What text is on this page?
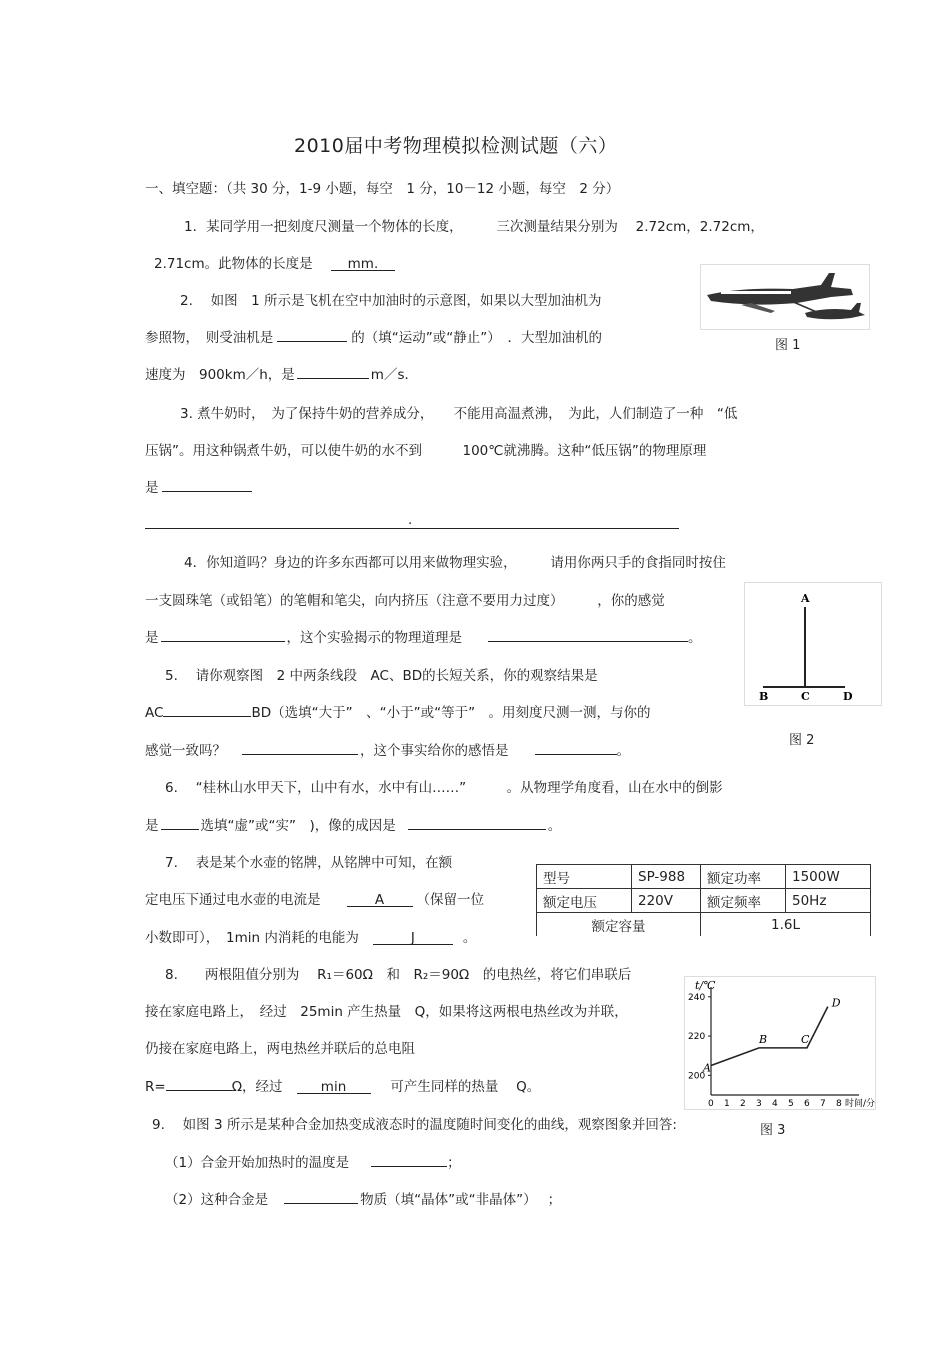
2010届中考物理模拟检测试题（六）
一、填空题：（共 30 分，1-9 小题，每空　1 分，10－12 小题，每空　2 分）
1．某同学用一把刻度尺测量一个物体的长度，　　　三次测量结果分别为　 2.72cm，2.72cm，
2.71cm。此物体的长度是	mm.
2.　 如图　1 所示是飞机在空中加油时的示意图，如果以大型加油机为
参照物，　则受油机是	的（填“运动”或“静止”）　．大型加油机的
速度为　900km／h，是	m／s．
图 1
3. 煮牛奶时，　为了保持牛奶的营养成分，　　不能用高温煮沸，　为此，人们制造了一种　“低
压锅”。用这种锅煮牛奶，可以使牛奶的水不到　　　100℃就沸腾。这种“低压锅”的物理原理
是
.
4．你知道吗？身边的许多东西都可以用来做物理实验，　　　请用你两只手的食指同时按住
一支圆珠笔（或铅笔）的笔帽和笔尖，向内挤压（注意不要用力过度）　　　，你的感觉
是	，这个实验揭示的物理道理是	。
A
B	C	D
图 2
5.　 请你观察图　2 中两条线段　AC、BD的长短关系，你的观察结果是
AC	BD（选填“大于”　、“小于”或“等于”　。用刻度尺测一测，与你的
感觉一致吗？	，这个事实给你的感悟是	。
6.　 “桂林山水甲天下，山中有水，水中有山……”　　　。从物理学角度看，山在水中的倒影
是	选填“虚”或“实”　)，像的成因是	。
7.　 表是某个水壶的铭牌，从铭牌中可知，在额
定电压下通过电水壶的电流是	A （保留一位
小数即可），　1min 内消耗的电能为	J	。
型号	SP-988	额定功率	1500W
额定电压	220V	额定频率	50Hz
额定容量		1.6L	
8.　　两根阻值分别为　 R₁＝60Ω　和　R₂＝90Ω　的电热丝，将它们串联后
接在家庭电路上，　经过　25min 产生热量　Q，如果将这两根电热丝改为并联，
仍接在家庭电路上，两电热丝并联后的总电阻
R=	Ω，经过	min　 可产生同样的热量　 Q。
t/℃
0 1 2 3 4 5 6 7 8 时间/分
200
220
240
A
B	C
D
图 3
9.　 如图 3 所示是某种合金加热变成液态时的温度随时间变化的曲线，观察图象并回答:
（1）合金开始加热时的温度是	；
（2）这种合金是	物质（填“晶体”或“非晶体”）　 ；
